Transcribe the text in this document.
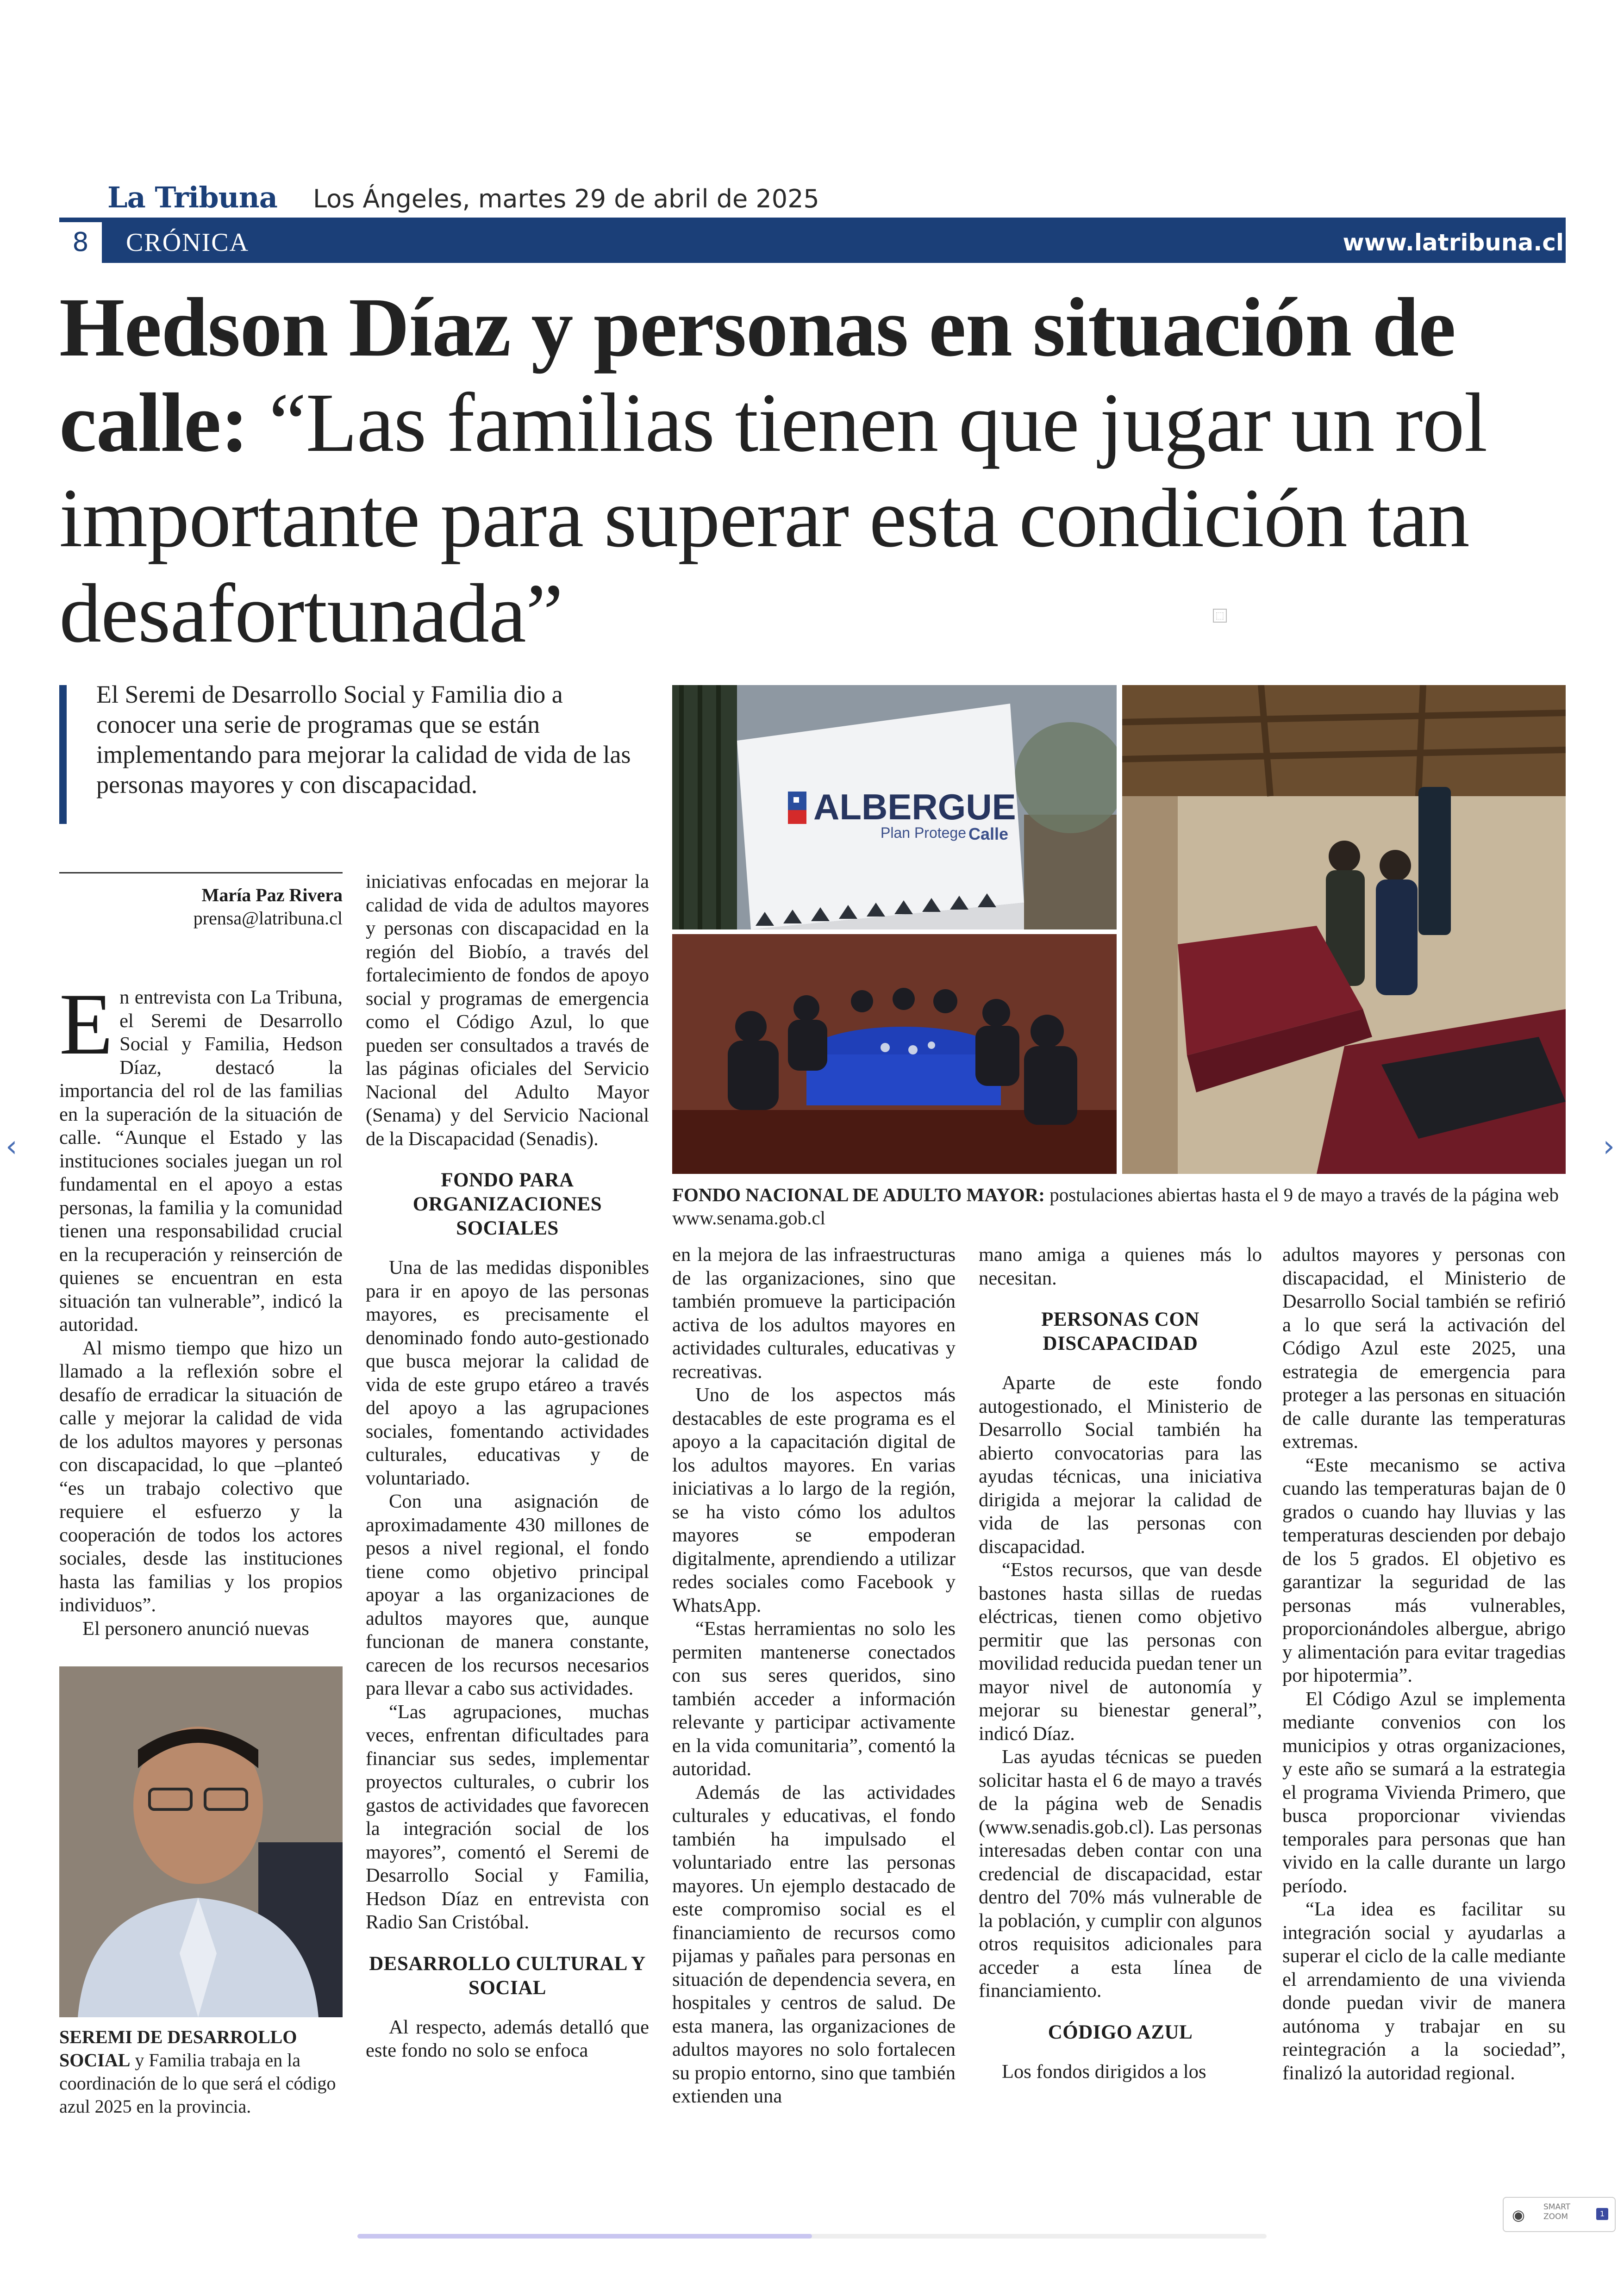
La Tribuna Los Ángeles, martes 29 de abril de 2025
8	CRÓNICA	www.latribuna.cl
Hedson Díaz y personas en situación de calle: “Las familias tienen que jugar un rol importante para superar esta condición tan desafortunada”	⬚
El Seremi de Desarrollo Social y Familia dio a conocer una serie de programas que se están implementando para mejorar la calidad de vida de las personas mayores y con discapacidad.
ALBERGUE
Plan Protege Calle
FONDO NACIONAL DE ADULTO MAYOR: postulaciones abiertas hasta el 9 de mayo a través de la página web www.senama.gob.cl
SEREMI DE DESARROLLO SOCIAL y Familia trabaja en la coordinación de lo que será el código azul 2025 en la provincia.
María Paz Rivera
prensa@latribuna.cl

En entrevista con La Tribuna, el Seremi de Desarrollo Social y Familia, Hedson Díaz, destacó la importancia del rol de las familias en la superación de la situación de calle. “Aunque el Estado y las instituciones sociales juegan un rol fundamental en el apoyo a estas personas, la familia y la comunidad tienen una responsabilidad crucial en la recuperación y reinserción de quienes se encuentran en esta situación tan vulnerable”, indicó la autoridad.

Al mismo tiempo que hizo un llamado a la reflexión sobre el desafío de erradicar la situación de calle y mejorar la calidad de vida de los adultos mayores y personas con discapacidad, lo que –planteó “es un trabajo colectivo que requiere el esfuerzo y la cooperación de todos los actores sociales, desde las instituciones hasta las familias y los propios individuos”.

El personero anunció nuevas

iniciativas enfocadas en mejorar la calidad de vida de adultos mayores y personas con discapacidad en la región del Biobío, a través del fortalecimiento de fondos de apoyo social y programas de emergencia como el Código Azul, lo que pueden ser consultados a través de las páginas oficiales del Servicio Nacional del Adulto Mayor (Senama) y del Servicio Nacional de la Discapacidad (Senadis).

FONDO PARA ORGANIZACIONES SOCIALES

Una de las medidas disponibles para ir en apoyo de las personas mayores, es precisamente el denominado fondo auto-gestionado que busca mejorar la calidad de vida de este grupo etáreo a través del apoyo a las agrupaciones sociales, fomentando actividades culturales, educativas y de voluntariado.

Con una asignación de aproximadamente 430 millones de pesos a nivel regional, el fondo tiene como objetivo principal apoyar a las organizaciones de adultos mayores que, aunque funcionan de manera constante, carecen de los recursos necesarios para llevar a cabo sus actividades.

“Las agrupaciones, muchas veces, enfrentan dificultades para financiar sus sedes, implementar proyectos culturales, o cubrir los gastos de actividades que favorecen la integración social de los mayores”, comentó el Seremi de Desarrollo Social y Familia, Hedson Díaz en entrevista con Radio San Cristóbal.

DESARROLLO CULTURAL Y SOCIAL

Al respecto, además detalló que este fondo no solo se enfoca

en la mejora de las infraestructuras de las organizaciones, sino que también promueve la participación activa de los adultos mayores en actividades culturales, educativas y recreativas.

Uno de los aspectos más destacables de este programa es el apoyo a la capacitación digital de los adultos mayores. En varias iniciativas a lo largo de la región, se ha visto cómo los adultos mayores se empoderan digitalmente, aprendiendo a utilizar redes sociales como Facebook y WhatsApp.

“Estas herramientas no solo les permiten mantenerse conectados con sus seres queridos, sino también acceder a información relevante y participar activamente en la vida comunitaria”, comentó la autoridad.

Además de las actividades culturales y educativas, el fondo también ha impulsado el voluntariado entre las personas mayores. Un ejemplo destacado de este compromiso social es el financiamiento de recursos como pijamas y pañales para personas en situación de dependencia severa, en hospitales y centros de salud. De esta manera, las organizaciones de adultos mayores no solo fortalecen su propio entorno, sino que también extienden una

mano amiga a quienes más lo necesitan.

PERSONAS CON DISCAPACIDAD

Aparte de este fondo autogestionado, el Ministerio de Desarrollo Social también ha abierto convocatorias para las ayudas técnicas, una iniciativa dirigida a mejorar la calidad de vida de las personas con discapacidad.

“Estos recursos, que van desde bastones hasta sillas de ruedas eléctricas, tienen como objetivo permitir que las personas con movilidad reducida puedan tener un mayor nivel de autonomía y mejorar su bienestar general”, indicó Díaz.

Las ayudas técnicas se pueden solicitar hasta el 6 de mayo a través de la página web de Senadis (www.senadis.gob.cl). Las personas interesadas deben contar con una credencial de discapacidad, estar dentro del 70% más vulnerable de la población, y cumplir con algunos otros requisitos adicionales para acceder a esta línea de financiamiento.

CÓDIGO AZUL

Los fondos dirigidos a los

adultos mayores y personas con discapacidad, el Ministerio de Desarrollo Social también se refirió a lo que será la activación del Código Azul este 2025, una estrategia de emergencia para proteger a las personas en situación de calle durante las temperaturas extremas.

“Este mecanismo se activa cuando las temperaturas bajan de 0 grados o cuando hay lluvias y las temperaturas descienden por debajo de los 5 grados. El objetivo es garantizar la seguridad de las personas más vulnerables, proporcionándoles albergue, abrigo y alimentación para evitar tragedias por hipotermia”.

El Código Azul se implementa mediante convenios con los municipios y otras organizaciones, y este año se sumará a la estrategia el programa Vivienda Primero, que busca proporcionar viviendas temporales para personas que han vivido en la calle durante un largo período.

“La idea es facilitar su integración social y ayudarlas a superar el ciclo de la calle mediante el arrendamiento de una vivienda donde puedan vivir de manera autónoma y trabajar en su reintegración a la sociedad”, finalizó la autoridad regional.

‹	›
◉ SMART
ZOOM	1
